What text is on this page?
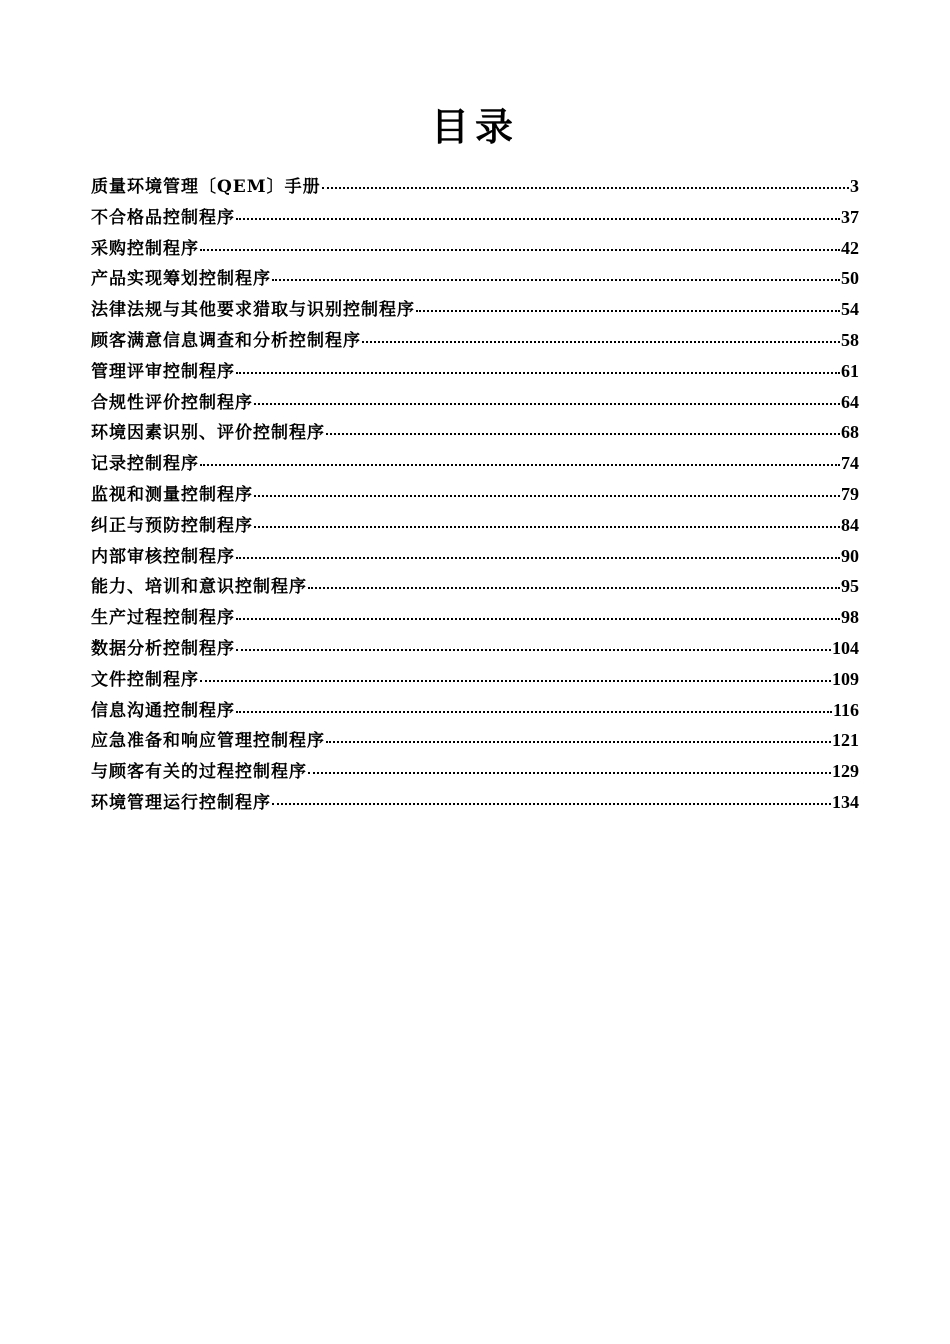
目录
质量环境管理〔QEM〕手册	3
不合格品控制程序	37
采购控制程序	42
产品实现筹划控制程序	50
法律法规与其他要求猎取与识别控制程序	54
顾客满意信息调查和分析控制程序	58
管理评审控制程序	61
合规性评价控制程序	64
环境因素识别、评价控制程序	68
记录控制程序	74
监视和测量控制程序	79
纠正与预防控制程序	84
内部审核控制程序	90
能力、培训和意识控制程序	95
生产过程控制程序	98
数据分析控制程序	104
文件控制程序	109
信息沟通控制程序	116
应急准备和响应管理控制程序	121
与顾客有关的过程控制程序	129
环境管理运行控制程序	134
